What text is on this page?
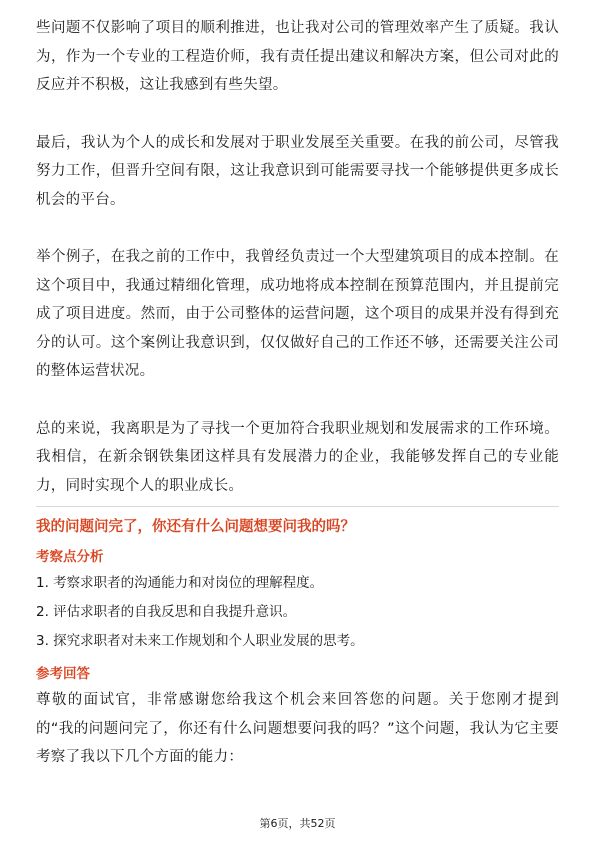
些问题不仅影响了项目的顺利推进，也让我对公司的管理效率产生了质疑。我认为，作为一个专业的工程造价师，我有责任提出建议和解决方案，但公司对此的反应并不积极，这让我感到有些失望。

最后，我认为个人的成长和发展对于职业发展至关重要。在我的前公司，尽管我努力工作，但晋升空间有限，这让我意识到可能需要寻找一个能够提供更多成长机会的平台。

举个例子，在我之前的工作中，我曾经负责过一个大型建筑项目的成本控制。在这个项目中，我通过精细化管理，成功地将成本控制在预算范围内，并且提前完成了项目进度。然而，由于公司整体的运营问题，这个项目的成果并没有得到充分的认可。这个案例让我意识到，仅仅做好自己的工作还不够，还需要关注公司的整体运营状况。

总的来说，我离职是为了寻找一个更加符合我职业规划和发展需求的工作环境。我相信，在新余钢铁集团这样具有发展潜力的企业，我能够发挥自己的专业能力，同时实现个人的职业成长。

我的问题问完了，你还有什么问题想要问我的吗？

考察点分析

1. 考察求职者的沟通能力和对岗位的理解程度。
2. 评估求职者的自我反思和自我提升意识。
3. 探究求职者对未来工作规划和个人职业发展的思考。

参考回答

尊敬的面试官，非常感谢您给我这个机会来回答您的问题。关于您刚才提到的“我的问题问完了，你还有什么问题想要问我的吗？”这个问题，我认为它主要考察了我以下几个方面的能力：

第6页，共52页
